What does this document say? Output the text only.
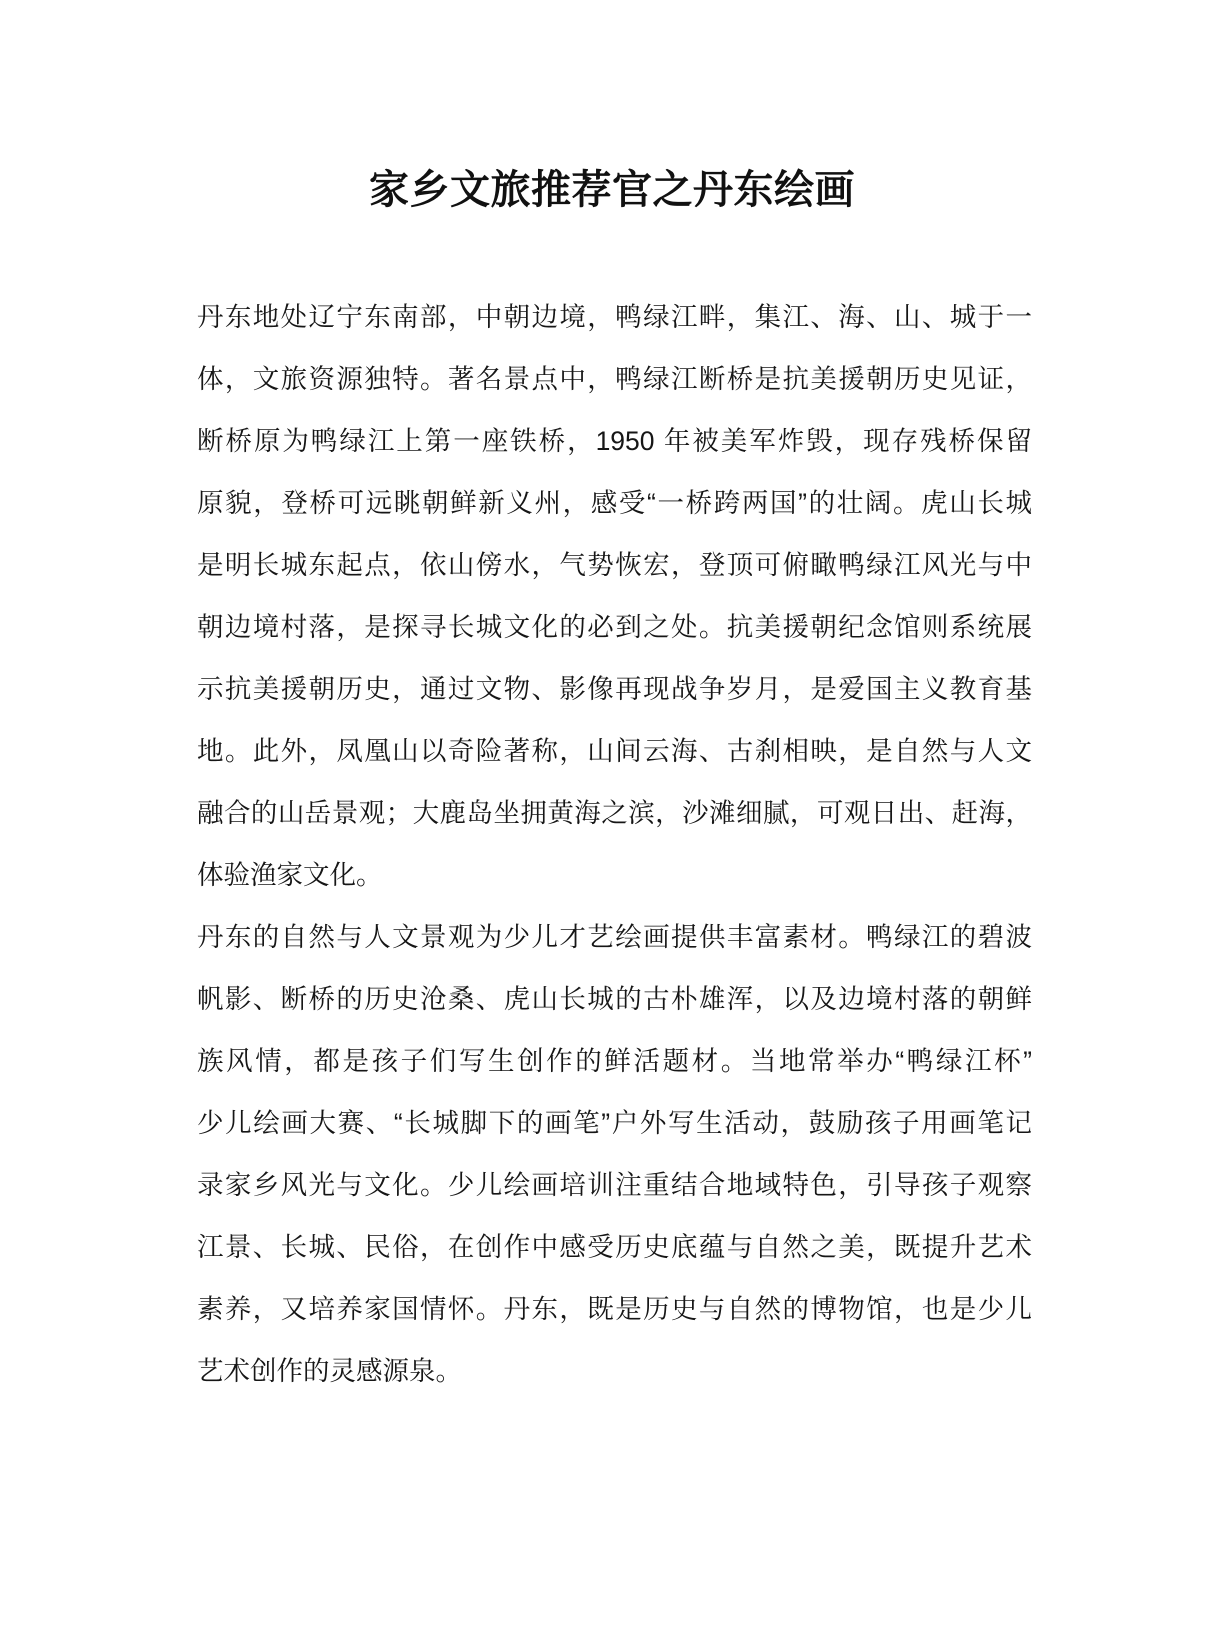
家乡文旅推荐官之丹东绘画
丹东地处辽宁东南部，中朝边境，鸭绿江畔，集江、海、山、城于一
体，文旅资源独特。著名景点中，鸭绿江断桥是抗美援朝历史见证，
断桥原为鸭绿江上第一座铁桥，1950 年被美军炸毁，现存残桥保留
原貌，登桥可远眺朝鲜新义州，感受“一桥跨两国”的壮阔。虎山长城
是明长城东起点，依山傍水，气势恢宏，登顶可俯瞰鸭绿江风光与中
朝边境村落，是探寻长城文化的必到之处。抗美援朝纪念馆则系统展
示抗美援朝历史，通过文物、影像再现战争岁月，是爱国主义教育基
地。此外，凤凰山以奇险著称，山间云海、古刹相映，是自然与人文
融合的山岳景观；大鹿岛坐拥黄海之滨，沙滩细腻，可观日出、赶海，
体验渔家文化。
丹东的自然与人文景观为少儿才艺绘画提供丰富素材。鸭绿江的碧波
帆影、断桥的历史沧桑、虎山长城的古朴雄浑，以及边境村落的朝鲜
族风情，都是孩子们写生创作的鲜活题材。当地常举办“鸭绿江杯”
少儿绘画大赛、“长城脚下的画笔”户外写生活动，鼓励孩子用画笔记
录家乡风光与文化。少儿绘画培训注重结合地域特色，引导孩子观察
江景、长城、民俗，在创作中感受历史底蕴与自然之美，既提升艺术
素养，又培养家国情怀。丹东，既是历史与自然的博物馆，也是少儿
艺术创作的灵感源泉。
